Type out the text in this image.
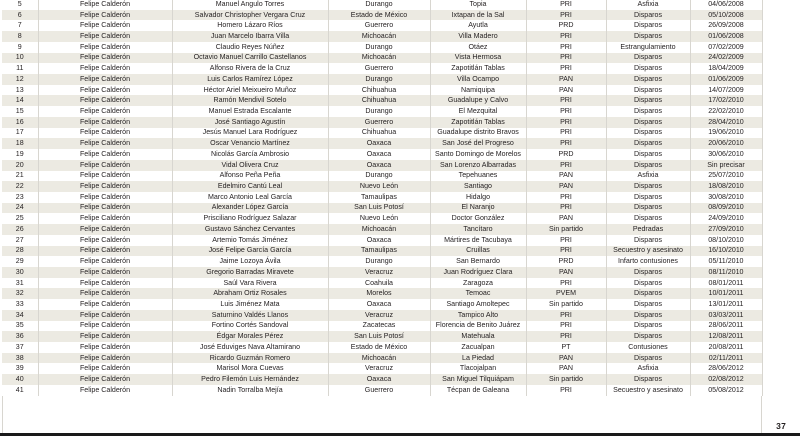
5	Felipe Calderón	Manuel Angulo Torres	Durango	Topia	PRI	Asfixia	04/06/2008
6	Felipe Calderón	Salvador Christopher Vergara Cruz	Estado de México	Ixtapan de la Sal	PRI	Disparos	05/10/2008
7	Felipe Calderón	Homero Lázaro Ríos	Guerrero	Ayutla	PRD	Disparos	26/09/2008
8	Felipe Calderón	Juan Marcelo Ibarra Villa	Michoacán	Villa Madero	PRI	Disparos	01/06/2008
9	Felipe Calderón	Claudio Reyes Núñez	Durango	Otáez	PRI	Estrangulamiento	07/02/2009
10	Felipe Calderón	Octavio Manuel Carrillo Castellanos	Michoacán	Vista Hermosa	PRI	Disparos	24/02/2009
11	Felipe Calderón	Alfonso Rivera de la Cruz	Guerrero	Zapotitlán Tablas	PRI	Disparos	18/04/2009
12	Felipe Calderón	Luis Carlos Ramírez López	Durango	Villa Ocampo	PAN	Disparos	01/06/2009
13	Felipe Calderón	Héctor Ariel Meixueiro Muñoz	Chihuahua	Namiquipa	PAN	Disparos	14/07/2009
14	Felipe Calderón	Ramón Mendivil Sotelo	Chihuahua	Guadalupe y Calvo	PRI	Disparos	17/02/2010
15	Felipe Calderón	Manuel Estrada Escalante	Durango	El Mezquital	PRI	Disparos	22/02/2010
16	Felipe Calderón	José Santiago Agustín	Guerrero	Zapotitlán Tablas	PRI	Disparos	28/04/2010
17	Felipe Calderón	Jesús Manuel Lara Rodríguez	Chihuahua	Guadalupe distrito Bravos	PRI	Disparos	19/06/2010
18	Felipe Calderón	Oscar Venancio Martínez	Oaxaca	San José del Progreso	PRI	Disparos	20/06/2010
19	Felipe Calderón	Nicolás García Ambrosio	Oaxaca	Santo Domingo de Morelos	PRD	Disparos	30/06/2010
20	Felipe Calderón	Vidal Olivera Cruz	Oaxaca	San Lorenzo Albarradas	PRI	Disparos	Sin precisar
21	Felipe Calderón	Alfonso Peña Peña	Durango	Tepehuanes	PAN	Asfixia	25/07/2010
22	Felipe Calderón	Edelmiro Cantú Leal	Nuevo León	Santiago	PAN	Disparos	18/08/2010
23	Felipe Calderón	Marco Antonio Leal García	Tamaulipas	Hidalgo	PRI	Disparos	30/08/2010
24	Felipe Calderón	Alexander López García	San Luis Potosí	El Naranjo	PRI	Disparos	08/09/2010
25	Felipe Calderón	Prisciliano Rodríguez Salazar	Nuevo León	Doctor González	PAN	Disparos	24/09/2010
26	Felipe Calderón	Gustavo Sánchez Cervantes	Michoacán	Tancítaro	Sin partido	Pedradas	27/09/2010
27	Felipe Calderón	Artemio Tomás Jiménez	Oaxaca	Mártires de Tacubaya	PRI	Disparos	08/10/2010
28	Felipe Calderón	José Felipe García García	Tamaulipas	Cruillas	PRI	Secuestro y asesinato	16/10/2010
29	Felipe Calderón	Jaime Lozoya Ávila	Durango	San Bernardo	PRD	Infarto contusiones	05/11/2010
30	Felipe Calderón	Gregorio Barradas Miravete	Veracruz	Juan Rodríguez Clara	PAN	Disparos	08/11/2010
31	Felipe Calderón	Saúl Vara Rivera	Coahuila	Zaragoza	PRI	Disparos	08/01/2011
32	Felipe Calderón	Abraham Ortiz Rosales	Morelos	Temoac	PVEM	Disparos	10/01/2011
33	Felipe Calderón	Luis Jiménez Mata	Oaxaca	Santiago Amoltepec	Sin partido	Disparos	13/01/2011
34	Felipe Calderón	Saturnino Valdés Llanos	Veracruz	Tampico Alto	PRI	Disparos	03/03/2011
35	Felipe Calderón	Fortino Cortés Sandoval	Zacatecas	Florencia de Benito Juárez	PRI	Disparos	28/06/2011
36	Felipe Calderón	Édgar Morales Pérez	San Luis Potosí	Matehuala	PRI	Disparos	12/08/2011
37	Felipe Calderón	José Eduviges Nava Altamirano	Estado de México	Zacualpan	PT	Contusiones	20/08/2011
38	Felipe Calderón	Ricardo Guzmán Romero	Michoacán	La Piedad	PAN	Disparos	02/11/2011
39	Felipe Calderón	Marisol Mora Cuevas	Veracruz	Tlacojalpan	PAN	Asfixia	28/06/2012
40	Felipe Calderón	Pedro Filemón Luis Hernández	Oaxaca	San Miguel Tilquiápam	Sin partido	Disparos	02/08/2012
41	Felipe Calderón	Nadin Torralba Mejía	Guerrero	Técpan de Galeana	PRI	Secuestro y asesinato	05/08/2012
37
